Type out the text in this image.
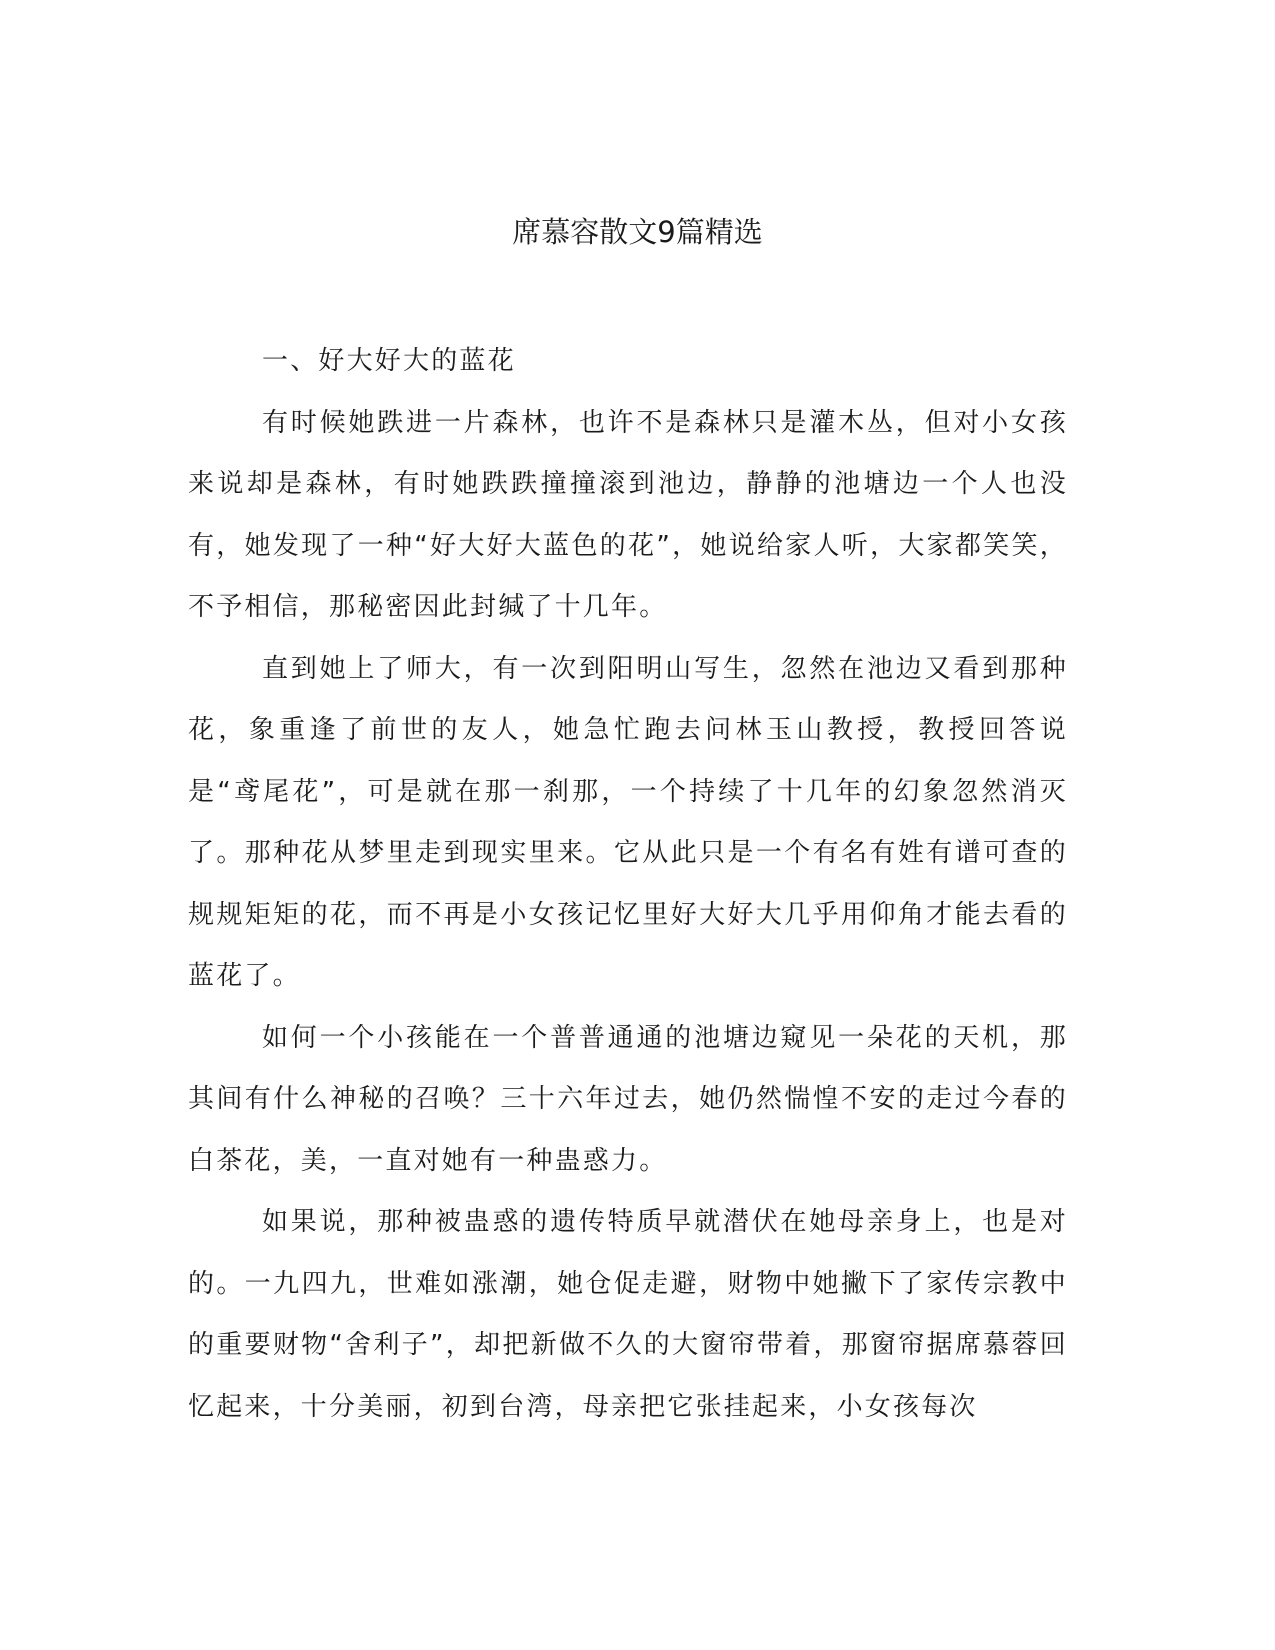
席慕容散文9篇精选

一、好大好大的蓝花

有时候她跌进一片森林，也许不是森林只是灌木丛，但对小女孩来说却是森林，有时她跌跌撞撞滚到池边，静静的池塘边一个人也没有，她发现了一种“好大好大蓝色的花”，她说给家人听，大家都笑笑，不予相信，那秘密因此封缄了十几年。

直到她上了师大，有一次到阳明山写生，忽然在池边又看到那种花，象重逢了前世的友人，她急忙跑去问林玉山教授，教授回答说是“鸢尾花”，可是就在那一刹那，一个持续了十几年的幻象忽然消灭了。那种花从梦里走到现实里来。它从此只是一个有名有姓有谱可查的规规矩矩的花，而不再是小女孩记忆里好大好大几乎用仰角才能去看的蓝花了。

如何一个小孩能在一个普普通通的池塘边窥见一朵花的天机，那其间有什么神秘的召唤？三十六年过去，她仍然惴惶不安的走过今春的白茶花，美，一直对她有一种蛊惑力。

如果说，那种被蛊惑的遗传特质早就潜伏在她母亲身上，也是对的。一九四九，世难如涨潮，她仓促走避，财物中她撇下了家传宗教中的重要财物“舍利子”，却把新做不久的大窗帘带着，那窗帘据席慕蓉回忆起来，十分美丽，初到台湾，母亲把它张挂起来，小女孩每次
